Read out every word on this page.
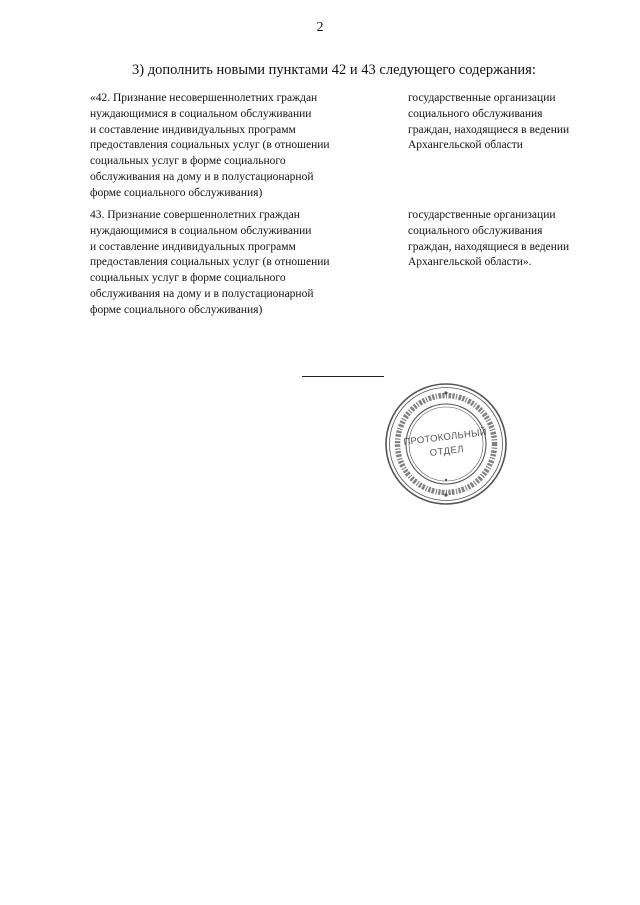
2
3) дополнить новыми пунктами 42 и 43 следующего содержания:
«42. Признание несовершеннолетних граждан
нуждающимися в социальном обслуживании
и составление индивидуальных программ
предоставления социальных услуг (в отношении
социальных услуг в форме социального
обслуживания на дому и в полустационарной
форме социального обслуживания)
государственные организации
социального обслуживания
граждан, находящиеся в ведении
Архангельской области
43. Признание совершеннолетних граждан
нуждающимися в социальном обслуживании
и составление индивидуальных программ
предоставления социальных услуг (в отношении
социальных услуг в форме социального
обслуживания на дому и в полустационарной
форме социального обслуживания)
государственные организации
социального обслуживания
граждан, находящиеся в ведении
Архангельской области».
ПРОТОКОЛЬНЫЙ
ОТДЕЛ
